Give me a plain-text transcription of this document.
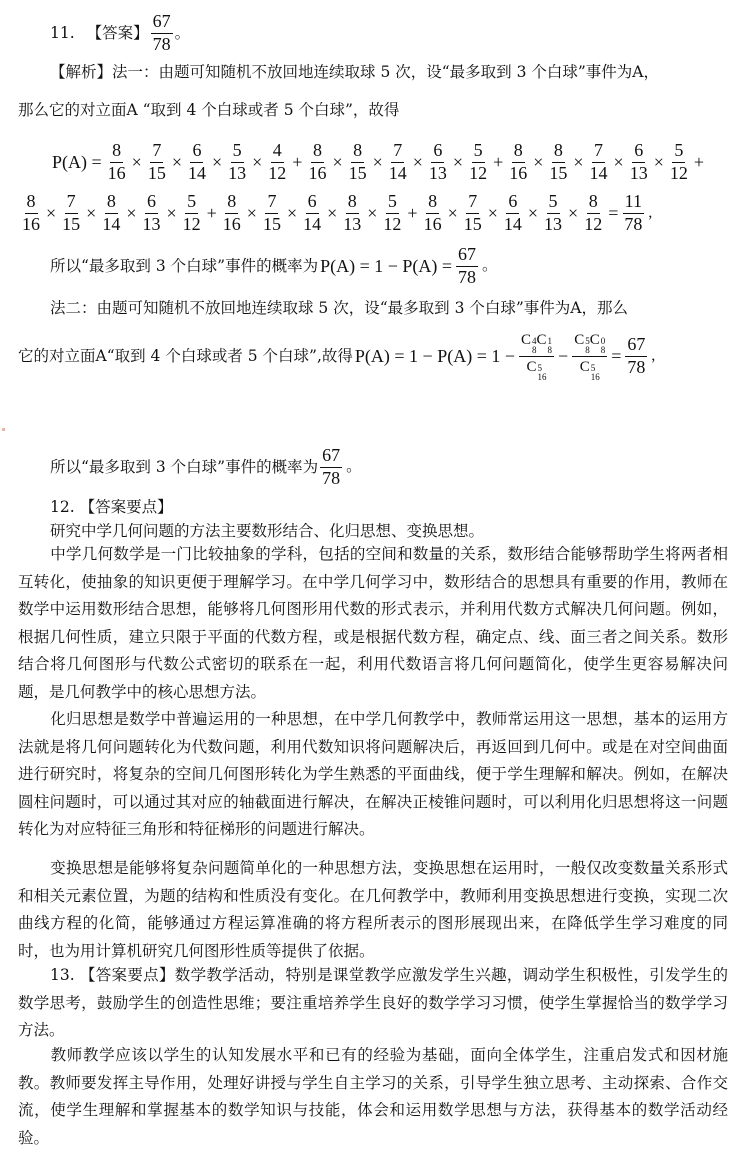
11. 【答案】 $\frac{67}{78}$ 。
【解析】法一：由题可知随机不放回地连续取球 5 次，设“最多取到 3 个白球”事件为A，
那么它的对立面A “取到 4 个白球或者 5 个白球”，故得
$P(A) = \frac{8}{16} \times \frac{7}{15} \times \frac{6}{14} \times \frac{5}{13} \times \frac{4}{12} + \frac{8}{16} \times \frac{8}{15} \times \frac{7}{14} \times \frac{6}{13} \times \frac{5}{12} + \frac{8}{16} \times \frac{8}{15} \times \frac{7}{14} \times \frac{6}{13} \times \frac{5}{12}$ +
$\frac{8}{16} \times \frac{7}{15} \times \frac{8}{14} \times \frac{6}{13} \times \frac{5}{12} + \frac{8}{16} \times \frac{7}{15} \times \frac{6}{14} \times \frac{8}{13} \times \frac{5}{12} + \frac{8}{16} \times \frac{7}{15} \times \frac{6}{14} \times \frac{5}{13} \times \frac{8}{12} = \frac{11}{78}$ ,
所以“最多取到 3 个白球”事件的概率为 $P(A) = 1 - P(A) = \frac{67}{78}$ 。
法二：由题可知随机不放回地连续取球 5 次，设“最多取到 3 个白球”事件为A，那么
它的对立面A“取到 4 个白球或者 5 个白球”,故得 P(A) = 1 − P(A) = 1 − C 4
8
C 1
8
C 5
16 − C 5
8
C 0
8
C 5
$16 = \frac{67}{78}$ ,
所以“最多取到 3 个白球”事件的概率为 $\frac{67}{78}$ 。
12. 【答案要点】
研究中学几何问题的方法主要数形结合、化归思想、变换思想。
中学几何数学是一门比较抽象的学科，包括的空间和数量的关系，数形结合能够帮助学生将两者相互转化，使抽象的知识更便于理解学习。在中学几何学习中，数形结合的思想具有重要的作用，教师在数学中运用数形结合思想，能够将几何图形用代数的形式表示，并利用代数方式解决几何问题。例如，根据几何性质，建立只限于平面的代数方程，或是根据代数方程，确定点、线、面三者之间关系。数形结合将几何图形与代数公式密切的联系在一起，利用代数语言将几何问题简化，使学生更容易解决问题，是几何教学中的核心思想方法。
化归思想是数学中普遍运用的一种思想，在中学几何教学中，教师常运用这一思想，基本的运用方法就是将几何问题转化为代数问题，利用代数知识将问题解决后，再返回到几何中。或是在对空间曲面进行研究时，将复杂的空间几何图形转化为学生熟悉的平面曲线，便于学生理解和解决。例如，在解决圆柱问题时，可以通过其对应的轴截面进行解决，在解决正棱锥问题时，可以利用化归思想将这一问题转化为对应特征三角形和特征梯形的问题进行解决。
变换思想是能够将复杂问题简单化的一种思想方法，变换思想在运用时，一般仅改变数量关系形式和相关元素位置，为题的结构和性质没有变化。在几何教学中，教师利用变换思想进行变换，实现二次曲线方程的化简，能够通过方程运算准确的将方程所表示的图形展现出来，在降低学生学习难度的同时，也为用计算机研究几何图形性质等提供了依据。
13. 【答案要点】数学教学活动，特别是课堂教学应激发学生兴趣，调动学生积极性，引发学生的数学思考，鼓励学生的创造性思维；要注重培养学生良好的数学学习习惯，使学生掌握恰当的数学学习方法。
教师教学应该以学生的认知发展水平和已有的经验为基础，面向全体学生，注重启发式和因材施教。教师要发挥主导作用，处理好讲授与学生自主学习的关系，引导学生独立思考、主动探索、合作交流，使学生理解和掌握基本的数学知识与技能，体会和运用数学思想与方法，获得基本的数学活动经验。
